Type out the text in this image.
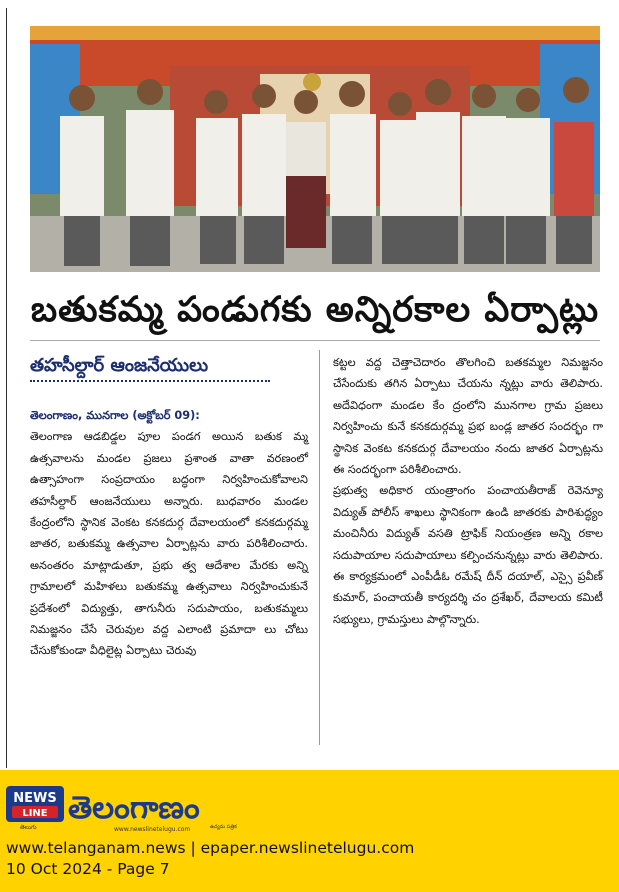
బతుకమ్మ పండుగకు అన్నిరకాల ఏర్పాట్లు
తహసీల్దార్ ఆంజనేయులు

తెలంగాణం, మునగాల (అక్టోబర్ 09):
తెలంగాణ ఆడబిడ్డల పూల పండగ అయిన బతుక మ్మ ఉత్సవాలను మండల ప్రజలు ప్రశాంత వాతా వరణంలో ఉత్సాహంగా సంప్రదాయం బద్ధంగా నిర్వహించుకోవాలని తహసీల్దార్ ఆంజనేయులు అన్నారు. బుధవారం మండల కేంద్రంలోని స్థానిక వెంకట కనకదుర్గ దేవాలయంలో కనకదుర్గమ్మ జాతర, బతుకమ్మ ఉత్సవాల ఏర్పాట్లను వారు పరిశీలించారు. అనంతరం మాట్లాడుతూ, ప్రభు త్వ ఆదేశాల మేరకు అన్ని గ్రామాలలో మహిళలు బతుకమ్మ ఉత్సవాలు నిర్వహించుకునే ప్రదేశంలో విద్యుత్తు, తాగునీరు సదుపాయం, బతుకమ్మలు నిమజ్జనం చేసే చెరువుల వద్ద ఎలాంటి ప్రమాదా లు చోటు చేసుకోకుండా వీధిలైట్ల ఏర్పాటు చెరువు

కట్టల వద్ద చెత్తాచెదారం తొలగించి బతకమ్మల నిమజ్జనం చేసేందుకు తగిన ఏర్పాటు చేయను న్నట్లు వారు తెలిపారు. అదేవిధంగా మండల కేం ద్రంలోని మునగాల గ్రామ ప్రజలు నిర్వహించు కునే కనకదుర్గమ్మ ప్రభ బండ్ల జాతర సందర్భం గా స్థానిక వెంకట కనకదుర్గ దేవాలయం నందు జాతర ఏర్పాట్లను ఈ సందర్భంగా పరిశీలించారు.

ప్రభుత్వ అధికార యంత్రాంగం పంచాయతీరాజ్ రెవెన్యూ విద్యుత్ పోలీస్ శాఖలు స్థానికంగా ఉండి జాతరకు పారిశుద్ధ్యం మంచినీరు విద్యుత్ వసతి ట్రాఫిక్ నియంత్రణ అన్ని రకాల సదుపాయాల సదుపాయాలు కల్పించనున్నట్లు వారు తెలిపారు. ఈ కార్యక్రమంలో ఎంపీడీఓ రమేష్ దీన్ దయాల్, ఎస్సై ప్రవీణ్ కుమార్, పంచాయతీ కార్యదర్శి చం ద్రశేఖర్, దేవాలయ కమిటీ సభ్యులు, గ్రామస్తులు పాల్గొన్నారు.

NEWS
LINE తెలంగాణం
తెలుగు	www.newslinetelugu.com	ఉద్యమ పత్రిక
www.telanganam.news | epaper.newslinetelugu.com
10 Oct 2024 - Page 7
